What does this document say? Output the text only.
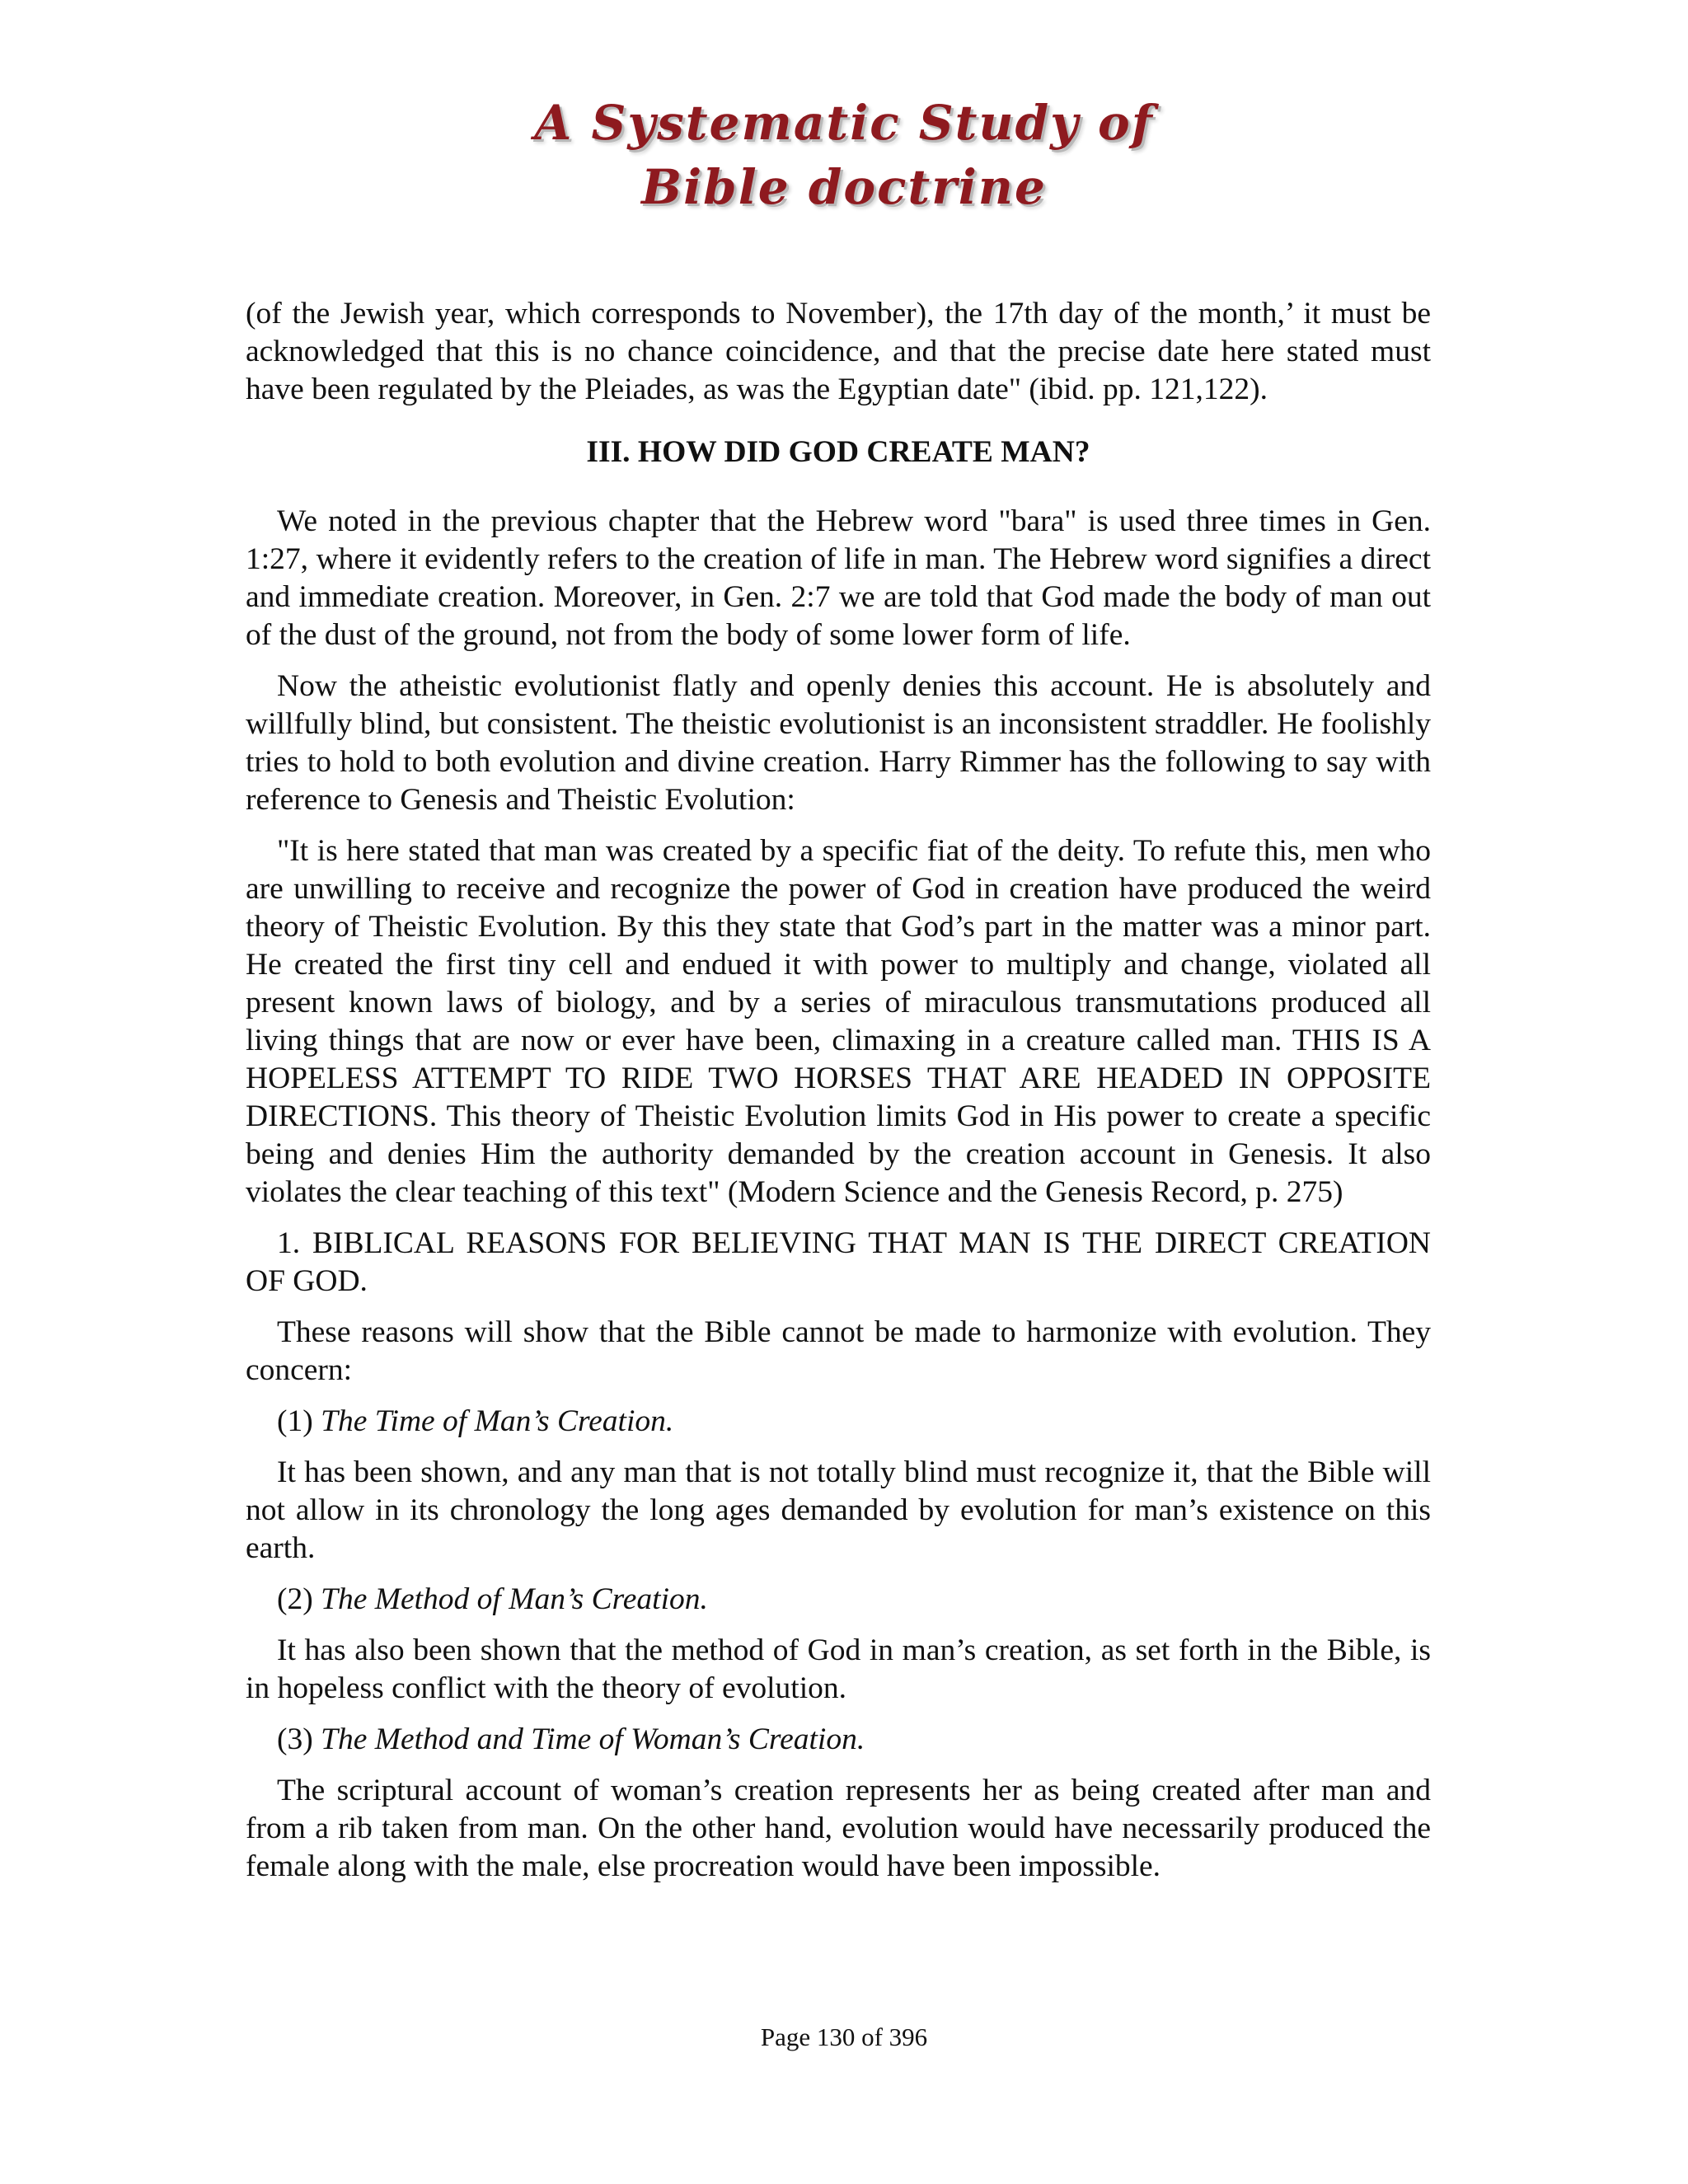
A Systematic Study of
Bible doctrine

(of the Jewish year, which corresponds to November), the 17th day of the month,’ it must be acknowledged that this is no chance coincidence, and that the precise date here stated must have been regulated by the Pleiades, as was the Egyptian date" (ibid. pp. 121,122).

III. HOW DID GOD CREATE MAN?

We noted in the previous chapter that the Hebrew word "bara" is used three times in Gen. 1:27, where it evidently refers to the creation of life in man. The Hebrew word signifies a direct and immediate creation. Moreover, in Gen. 2:7 we are told that God made the body of man out of the dust of the ground, not from the body of some lower form of life.

Now the atheistic evolutionist flatly and openly denies this account. He is absolutely and willfully blind, but consistent. The theistic evolutionist is an inconsistent straddler. He foolishly tries to hold to both evolution and divine creation. Harry Rimmer has the following to say with reference to Genesis and Theistic Evolution:

"It is here stated that man was created by a specific fiat of the deity. To refute this, men who are unwilling to receive and recognize the power of God in creation have produced the weird theory of Theistic Evolution. By this they state that God’s part in the matter was a minor part. He created the first tiny cell and endued it with power to multiply and change, violated all present known laws of biology, and by a series of miraculous transmutations produced all living things that are now or ever have been, climaxing in a creature called man. THIS IS A HOPELESS ATTEMPT TO RIDE TWO HORSES THAT ARE HEADED IN OPPOSITE DIRECTIONS. This theory of Theistic Evolution limits God in His power to create a specific being and denies Him the authority demanded by the creation account in Genesis. It also violates the clear teaching of this text" (Modern Science and the Genesis Record, p. 275)

1. BIBLICAL REASONS FOR BELIEVING THAT MAN IS THE DIRECT CREATION OF GOD.

These reasons will show that the Bible cannot be made to harmonize with evolution. They concern:

(1) The Time of Man’s Creation.

It has been shown, and any man that is not totally blind must recognize it, that the Bible will not allow in its chronology the long ages demanded by evolution for man’s existence on this earth.

(2) The Method of Man’s Creation.

It has also been shown that the method of God in man’s creation, as set forth in the Bible, is in hopeless conflict with the theory of evolution.

(3) The Method and Time of Woman’s Creation.

The scriptural account of woman’s creation represents her as being created after man and from a rib taken from man. On the other hand, evolution would have necessarily produced the female along with the male, else procreation would have been impossible.

Page 130 of 396
